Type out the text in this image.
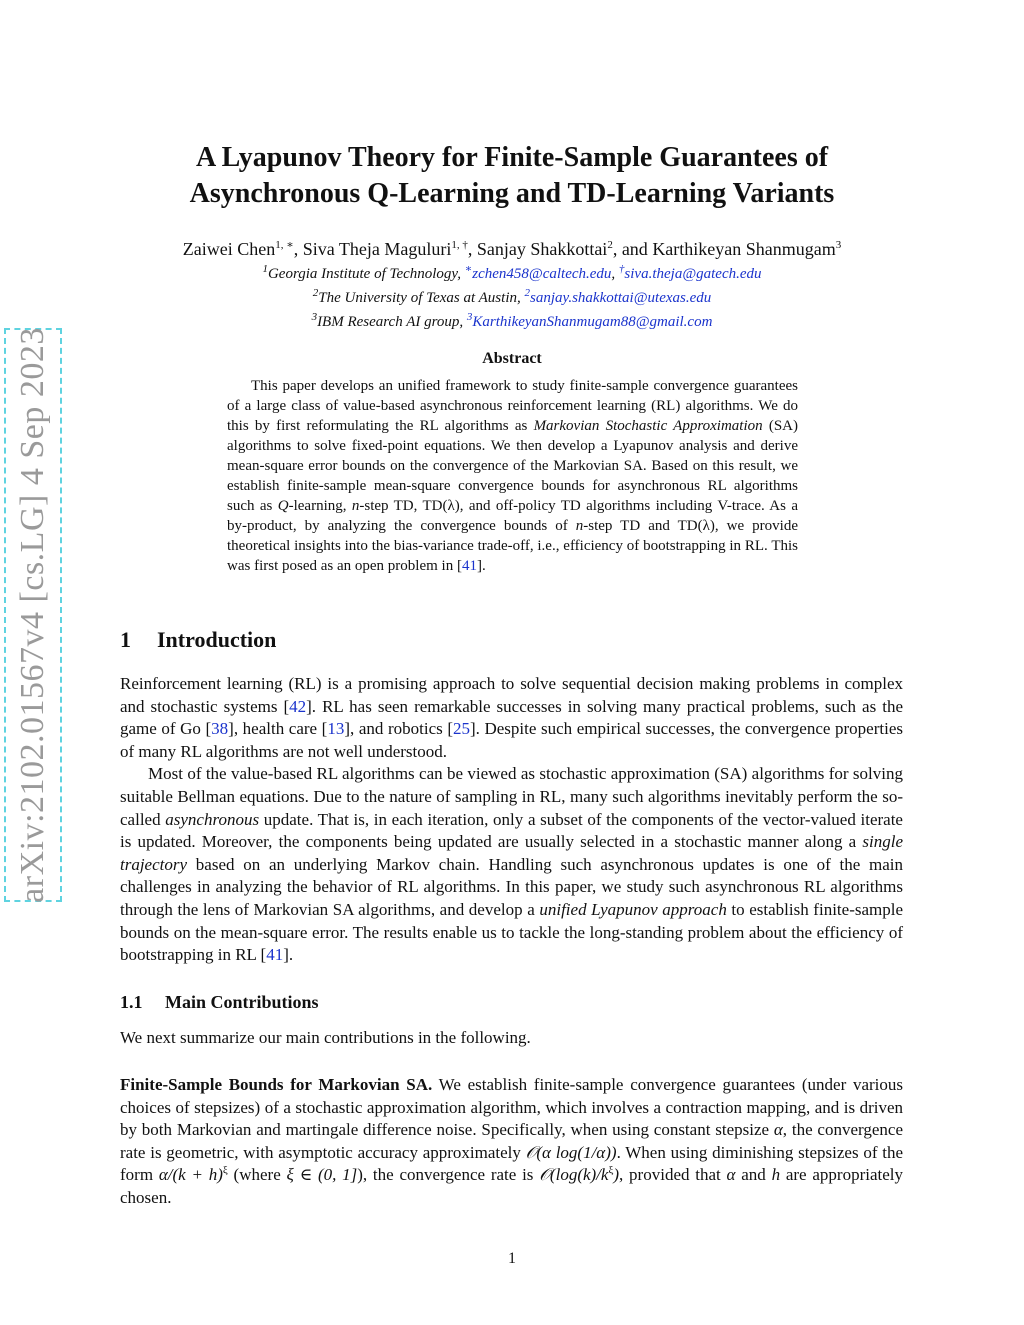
arXiv:2102.01567v4 [cs.LG] 4 Sep 2023
A Lyapunov Theory for Finite-Sample Guarantees of
Asynchronous Q-Learning and TD-Learning Variants
Zaiwei Chen$^{1, ∗}$, Siva Theja Maguluri$^{1, \dagger}$, Sanjay Shakkottai$^2$, and Karthikeyan Shanmugam$^3$
$^1$Georgia Institute of Technology, ∗zchen458@caltech.edu, †siva.theja@gatech.edu
$^2$The University of Texas at Austin, $^2$sanjay.shakkottai@utexas.edu
$^3$IBM Research AI group, $^3$KarthikeyanShanmugam88@gmail.com
Abstract

This paper develops an unified framework to study finite-sample convergence guarantees of a large class of value-based asynchronous reinforcement learning (RL) algorithms. We do this by first reformulating the RL algorithms as Markovian Stochastic Approximation (SA) algorithms to solve fixed-point equations. We then develop a Lyapunov analysis and derive mean-square error bounds on the convergence of the Markovian SA. Based on this result, we establish finite-sample mean-square convergence bounds for asynchronous RL algorithms such as Q-learning, n-step TD, TD(λ), and off-policy TD algorithms including V-trace. As a by-product, by analyzing the convergence bounds of n-step TD and TD(λ), we provide theoretical insights into the bias-variance trade-off, i.e., efficiency of bootstrapping in RL. This was first posed as an open problem in [41].

1 Introduction

Reinforcement learning (RL) is a promising approach to solve sequential decision making problems in complex and stochastic systems [42]. RL has seen remarkable successes in solving many practical problems, such as the game of Go [38], health care [13], and robotics [25]. Despite such empirical successes, the convergence properties of many RL algorithms are not well understood.

Most of the value-based RL algorithms can be viewed as stochastic approximation (SA) algorithms for solving suitable Bellman equations. Due to the nature of sampling in RL, many such algorithms inevitably perform the so-called asynchronous update. That is, in each iteration, only a subset of the components of the vector-valued iterate is updated. Moreover, the components being updated are usually selected in a stochastic manner along a single trajectory based on an underlying Markov chain. Handling such asynchronous updates is one of the main challenges in analyzing the behavior of RL algorithms. In this paper, we study such asynchronous RL algorithms through the lens of Markovian SA algorithms, and develop a unified Lyapunov approach to establish finite-sample bounds on the mean-square error. The results enable us to tackle the long-standing problem about the efficiency of bootstrapping in RL [41].

1.1 Main Contributions

We next summarize our main contributions in the following.

Finite-Sample Bounds for Markovian SA. We establish finite-sample convergence guarantees (under various choices of stepsizes) of a stochastic approximation algorithm, which involves a contraction mapping, and is driven by both Markovian and martingale difference noise. Specifically, when using constant stepsize α, the convergence rate is geometric, with asymptotic accuracy approximately 𝒪(α log(1/α)). When using diminishing stepsizes of the form $\alpha/(k + h)^\xi$ (where ξ ∈ (0, 1]), the convergence rate is $𝒪(\log(k)/k^\xi)$, provided that α and h are appropriately chosen.

1
